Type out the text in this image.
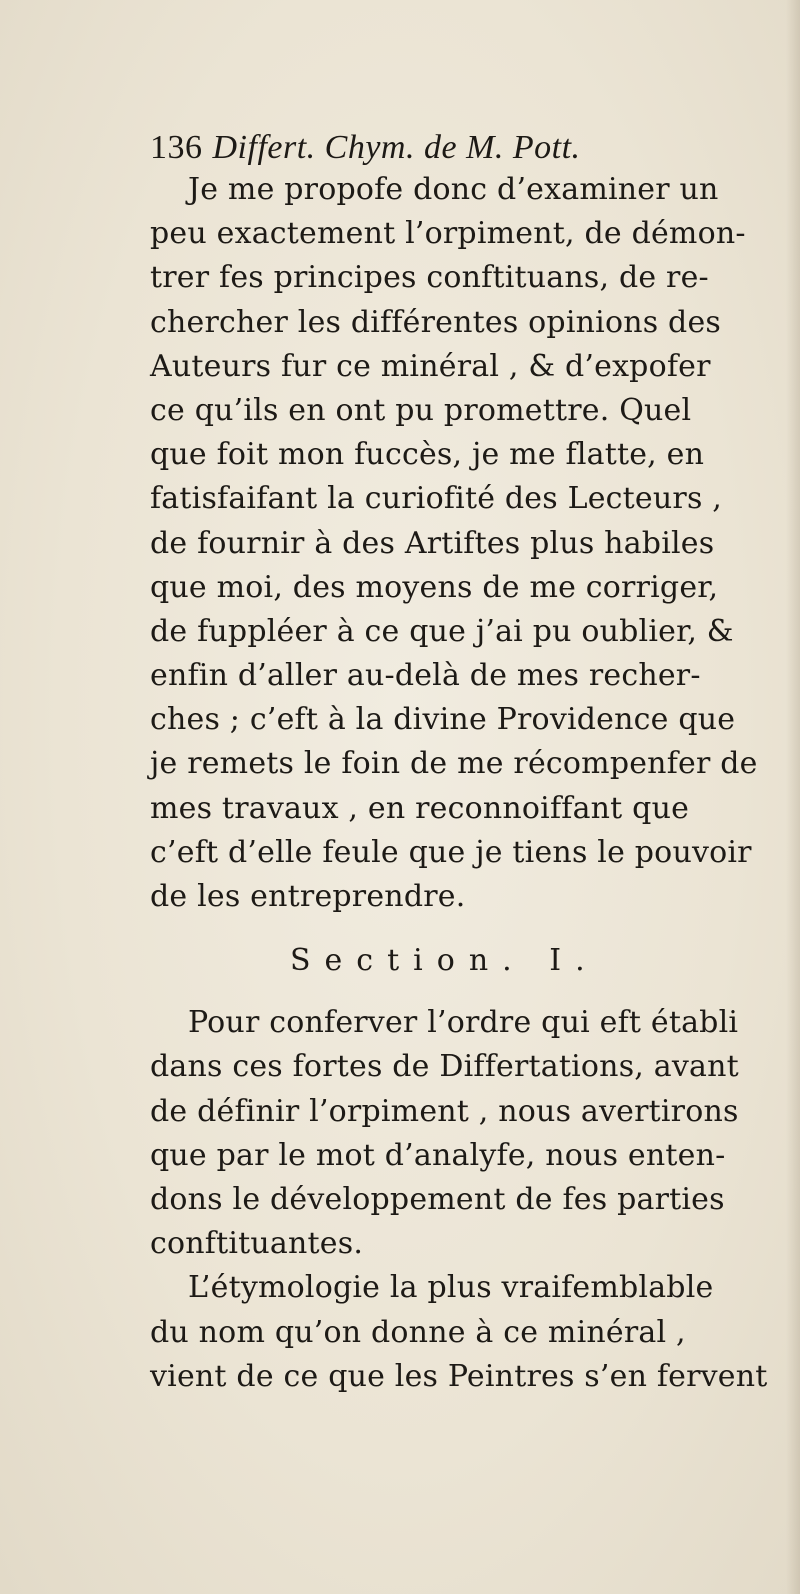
136 Differt. Chym. de M. Pott.
Je me propofe donc d’examiner un
peu exactement l’orpiment, de démon-
trer fes principes conftituans, de re-
chercher les différentes opinions des
Auteurs fur ce minéral , & d’expofer
ce qu’ils en ont pu promettre. Quel
que foit mon fuccès, je me flatte, en
fatisfaifant la curiofité des Lecteurs ,
de fournir à des Artiftes plus habiles
que moi, des moyens de me corriger,
de fuppléer à ce que j’ai pu oublier, &
enfin d’aller au-delà de mes recher-
ches ; c’eft à la divine Providence que
je remets le foin de me récompenfer de
mes travaux , en reconnoiffant que
c’eft d’elle feule que je tiens le pouvoir
de les entreprendre.
Section. I.
Pour conferver l’ordre qui eft établi
dans ces fortes de Differtations, avant
de définir l’orpiment , nous avertirons
que par le mot d’analyfe, nous enten-
dons le développement de fes parties
conftituantes.
L’étymologie la plus vraifemblable
du nom qu’on donne à ce minéral ,
vient de ce que les Peintres s’en fervent
